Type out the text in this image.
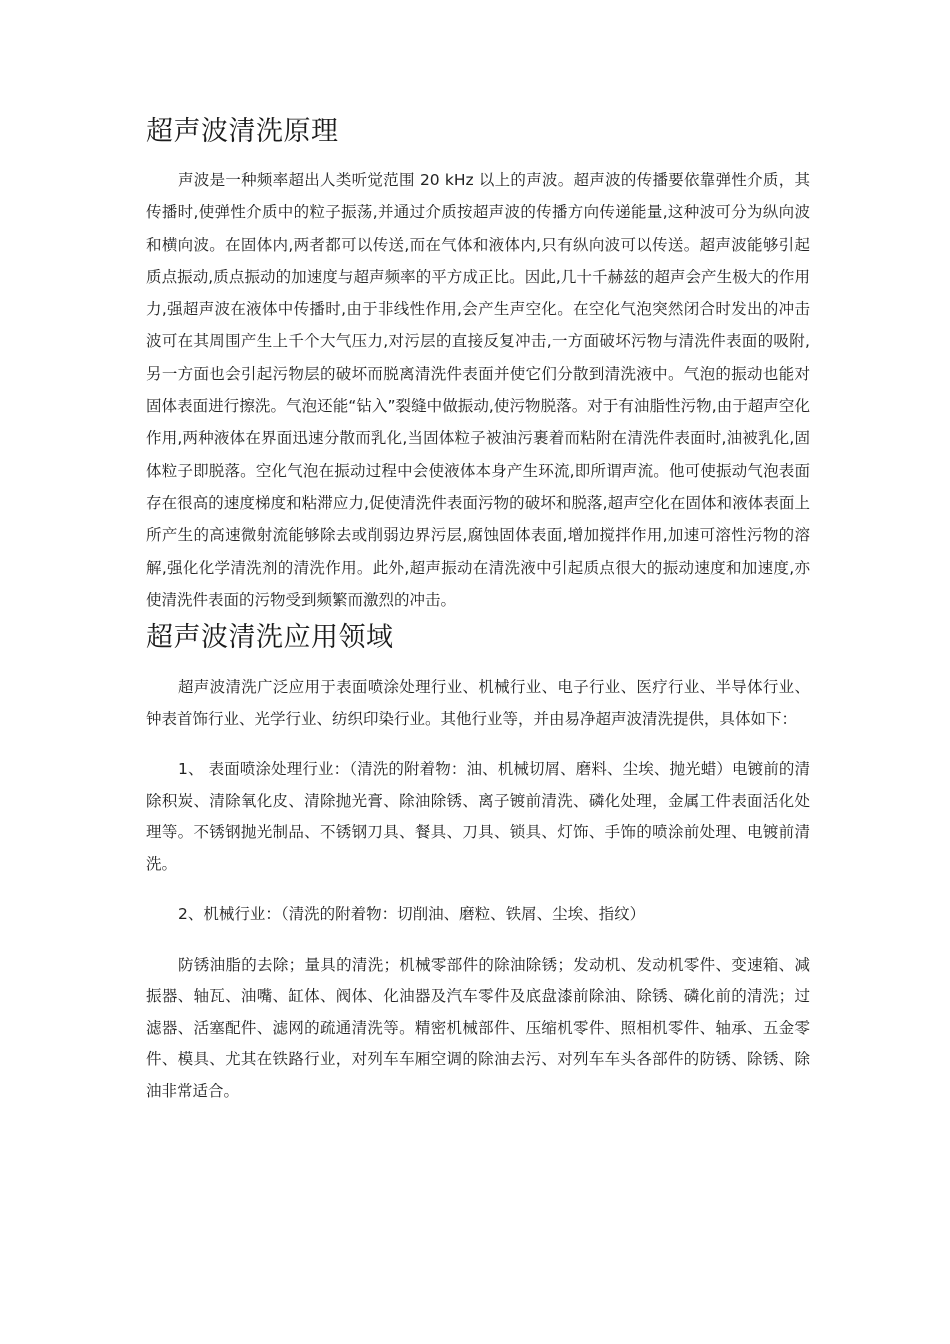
超声波清洗原理

声波是一种频率超出人类听觉范围 20 kHz 以上的声波。超声波的传播要依靠弹性介质，其传播时,使弹性介质中的粒子振荡,并通过介质按超声波的传播方向传递能量,这种波可分为纵向波和横向波。在固体内,两者都可以传送,而在气体和液体内,只有纵向波可以传送。超声波能够引起质点振动,质点振动的加速度与超声频率的平方成正比。因此,几十千赫兹的超声会产生极大的作用力,强超声波在液体中传播时,由于非线性作用,会产生声空化。在空化气泡突然闭合时发出的冲击波可在其周围产生上千个大气压力,对污层的直接反复冲击,一方面破坏污物与清洗件表面的吸附,另一方面也会引起污物层的破坏而脱离清洗件表面并使它们分散到清洗液中。气泡的振动也能对固体表面进行擦洗。气泡还能“钻入”裂缝中做振动,使污物脱落。对于有油脂性污物,由于超声空化作用,两种液体在界面迅速分散而乳化,当固体粒子被油污裹着而粘附在清洗件表面时,油被乳化,固体粒子即脱落。空化气泡在振动过程中会使液体本身产生环流,即所谓声流。他可使振动气泡表面存在很高的速度梯度和粘滞应力,促使清洗件表面污物的破坏和脱落,超声空化在固体和液体表面上所产生的高速微射流能够除去或削弱边界污层,腐蚀固体表面,增加搅拌作用,加速可溶性污物的溶解,强化化学清洗剂的清洗作用。此外,超声振动在清洗液中引起质点很大的振动速度和加速度,亦使清洗件表面的污物受到频繁而激烈的冲击。

超声波清洗应用领域

超声波清洗广泛应用于表面喷涂处理行业、机械行业、电子行业、医疗行业、半导体行业、钟表首饰行业、光学行业、纺织印染行业。其他行业等，并由易净超声波清洗提供，具体如下：

1、 表面喷涂处理行业：（清洗的附着物：油、机械切屑、磨料、尘埃、抛光蜡）电镀前的清除积炭、清除氧化皮、清除抛光膏、除油除锈、离子镀前清洗、磷化处理，金属工件表面活化处理等。不锈钢抛光制品、不锈钢刀具、餐具、刀具、锁具、灯饰、手饰的喷涂前处理、电镀前清洗。

2、机械行业：（清洗的附着物：切削油、磨粒、铁屑、尘埃、指纹）

防锈油脂的去除；量具的清洗；机械零部件的除油除锈；发动机、发动机零件、变速箱、减振器、轴瓦、油嘴、缸体、阀体、化油器及汽车零件及底盘漆前除油、除锈、磷化前的清洗；过滤器、活塞配件、滤网的疏通清洗等。精密机械部件、压缩机零件、照相机零件、轴承、五金零件、模具、尤其在铁路行业，对列车车厢空调的除油去污、对列车车头各部件的防锈、除锈、除油非常适合。
